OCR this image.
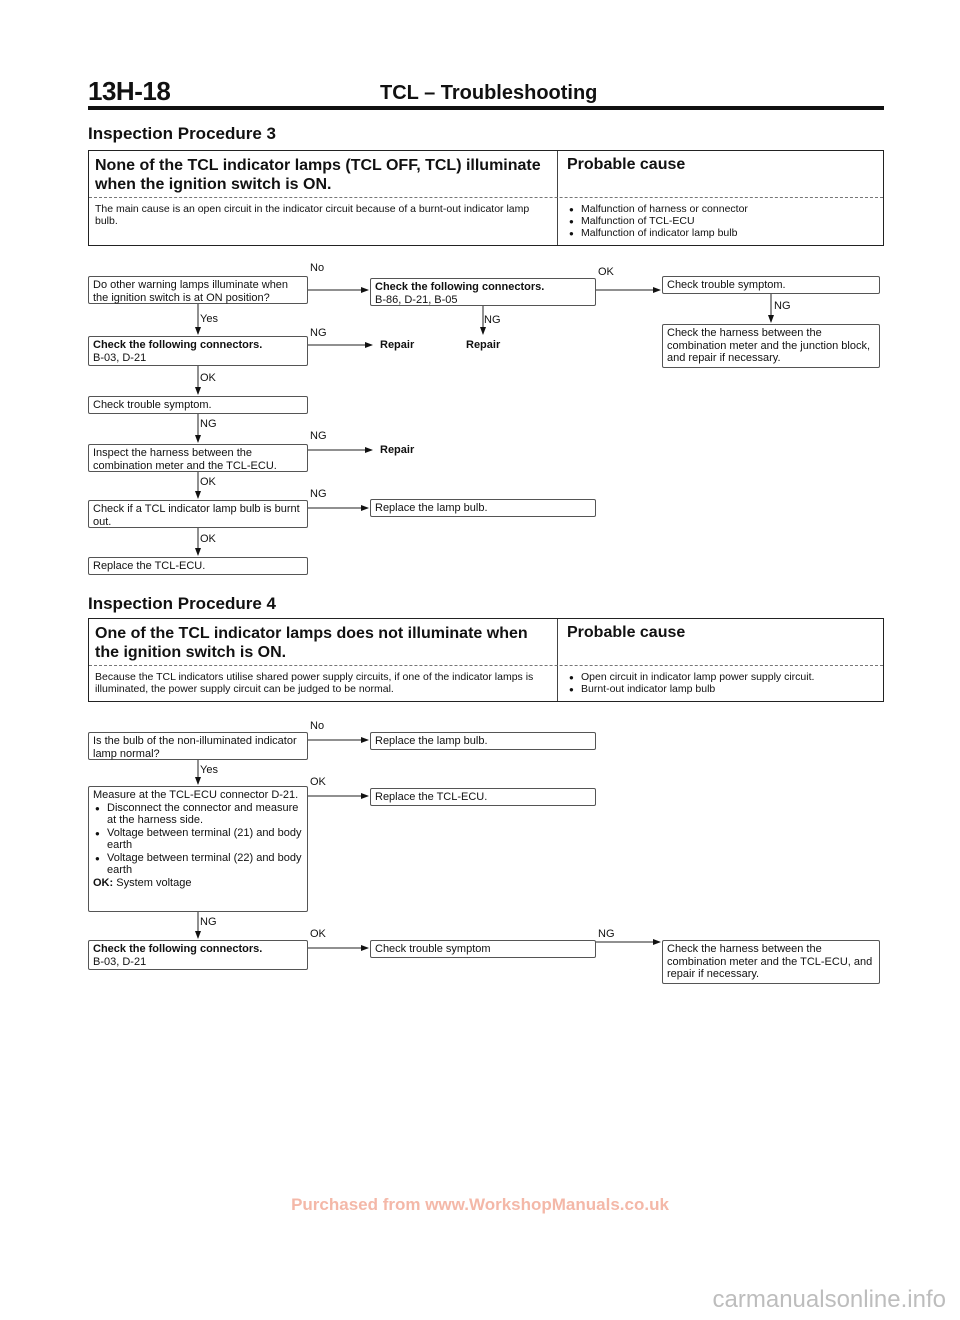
13H-18	TCL – Troubleshooting
Inspection Procedure 3
None of the TCL indicator lamps (TCL OFF, TCL) illuminate when the ignition switch is ON.
Probable cause
The main cause is an open circuit in the indicator circuit because of a burnt-out indicator lamp bulb.
● Malfunction of harness or connector
● Malfunction of TCL-ECU
● Malfunction of indicator lamp bulb
Do other warning lamps illuminate when the ignition switch is at ON position?
Check the following connectors.
B-03, D-21
Check trouble symptom.
Inspect the harness between the combination meter and the TCL-ECU.
Check if a TCL indicator lamp bulb is burnt out.
Replace the TCL-ECU.
Check the following connectors.
B-86, D-21, B-05
Check trouble symptom.
Check the harness between the combination meter and the junction block, and repair if necessary.
Replace the lamp bulb.
No	OK
Yes	NG
NG
NG
Repair	Repair
OK
NG
NG
Repair
OK
NG
OK
Inspection Procedure 4
One of the TCL indicator lamps does not illuminate when the ignition switch is ON.
Probable cause
Because the TCL indicators utilise shared power supply circuits, if one of the indicator lamps is illuminated, the power supply circuit can be judged to be normal.
● Open circuit in indicator lamp power supply circuit.
● Burnt-out indicator lamp bulb
Is the bulb of the non-illuminated indicator lamp normal?
Measure at the TCL-ECU connector D-21.
● Disconnect the connector and measure at the harness side.
● Voltage between terminal (21) and body earth
● Voltage between terminal (22) and body earth
OK: System voltage
Check the following connectors.
B-03, D-21
Replace the lamp bulb.
Replace the TCL-ECU.
Check trouble symptom	Check the harness between the combination meter and the TCL-ECU, and repair if necessary.
No
Yes
OK
NG
OK	NG
Purchased from www.WorkshopManuals.co.uk
carmanualsonline.info
